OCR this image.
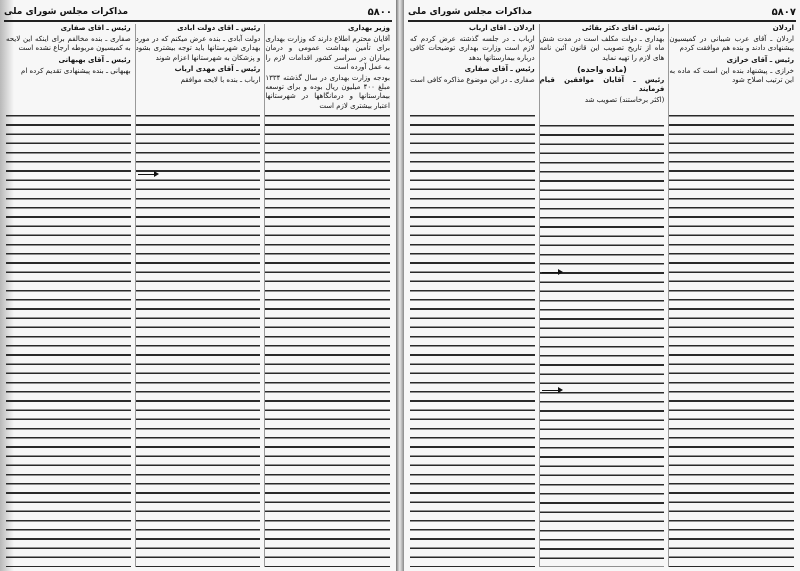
۵۸۰۰
مذاکرات مجلس شورای ملی

وزیر بهداری

آقایان محترم اطلاع دارند که وزارت بهداری برای تأمین بهداشت عمومی و درمان بیماران در سراسر کشور اقدامات لازم را به عمل آورده است

بودجه وزارت بهداری در سال گذشته ۱۳۳۴ مبلغ ۴۰۰ میلیون ریال بوده و برای توسعه بیمارستانها و درمانگاهها در شهرستانها اعتبار بیشتری لازم است

رئیس ـ آقای دولت آبادی

دولت آبادی ـ بنده عرض میکنم که در مورد بهداری شهرستانها باید توجه بیشتری بشود و پزشکان به شهرستانها اعزام شوند

رئیس ـ آقای مهدی ارباب

ارباب ـ بنده با لایحه موافقم

رئیس ـ آقای صفاری

صفاری ـ بنده مخالفم برای اینکه این لایحه به کمیسیون مربوطه ارجاع نشده است

رئیس ـ آقای بهبهانی

بهبهانی ـ بنده پیشنهادی تقدیم کرده ام

۵۸۰۷
مذاکرات مجلس شورای ملی

اردلان

اردلان ـ آقای عرب شیبانی در کمیسیون پیشنهادی دادند و بنده هم موافقت کردم

رئیس ـ آقای خرازی

خرازی ـ پیشنهاد بنده این است که ماده به این ترتیب اصلاح شود

رئیس ـ آقای دکتر بقائی

بهداری ـ دولت مکلف است در مدت شش ماه از تاریخ تصویب این قانون آئین نامه های لازم را تهیه نماید

(ماده واحده)

رئیس ـ آقایان موافقین قیام فرمایند

(اکثر برخاستند) تصویب شد

اردلان ـ آقای ارباب

ارباب ـ در جلسه گذشته عرض کردم که لازم است وزارت بهداری توضیحات کافی درباره بیمارستانها بدهد

رئیس ـ آقای صفاری

صفاری ـ در این موضوع مذاکره کافی است
